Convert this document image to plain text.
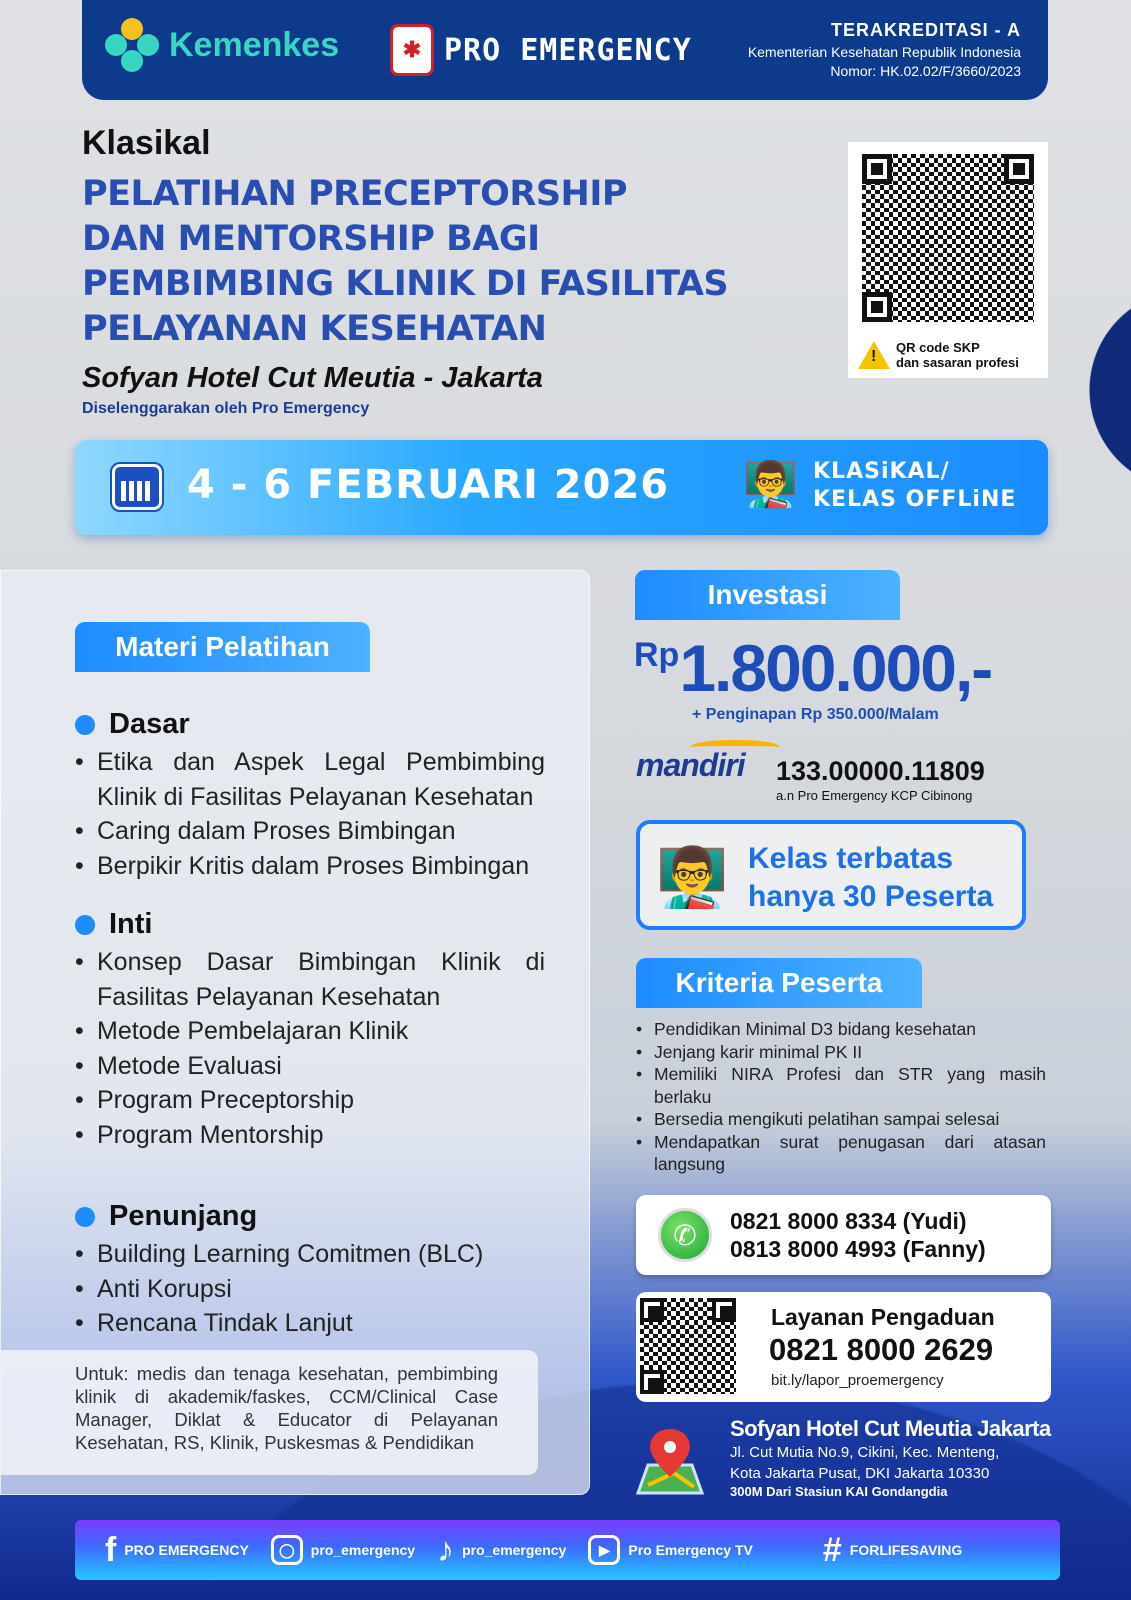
Kemenkes	✱ PRO EMERGENCY
TERAKREDITASI - A
Kementerian Kesehatan Republik Indonesia
Nomor: HK.02.02/F/3660/2023
Klasikal
PELATIHAN PRECEPTORSHIP
DAN MENTORSHIP BAGI
PEMBIMBING KLINIK DI FASILITAS
PELAYANAN KESEHATAN
Sofyan Hotel Cut Meutia - Jakarta
Diselenggarakan oleh Pro Emergency
!
QR code SKP
dan sasaran profesi
4 - 6 FEBRUARI 2026 👨‍🏫 KLASiKAL/
KELAS OFFLiNE
Materi Pelatihan
Dasar
• Etika dan Aspek Legal Pembimbing Klinik di Fasilitas Pelayanan Kesehatan
• Caring dalam Proses Bimbingan
• Berpikir Kritis dalam Proses Bimbingan
Inti
• Konsep Dasar Bimbingan Klinik di Fasilitas Pelayanan Kesehatan
• Metode Pembelajaran Klinik
• Metode Evaluasi
• Program Preceptorship
• Program Mentorship
Penunjang
• Building Learning Comitmen (BLC)
• Anti Korupsi
• Rencana Tindak Lanjut
Untuk: medis dan tenaga kesehatan, pembimbing klinik di akademik/faskes, CCM/Clinical Case Manager, Diklat & Educator di Pelayanan Kesehatan, RS, Klinik, Puskesmas & Pendidikan
Investasi
Rp 1.800.000,-
+ Penginapan Rp 350.000/Malam
mandiri 133.00000.11809
a.n Pro Emergency KCP Cibinong
👨‍🏫 Kelas terbatas
hanya 30 Peserta
Kriteria Peserta
• Pendidikan Minimal D3 bidang kesehatan
• Jenjang karir minimal PK II
• Memiliki NIRA Profesi dan STR yang masih berlaku
• Bersedia mengikuti pelatihan sampai selesai
• Mendapatkan surat penugasan dari atasan langsung
✆	0821 8000 8334 (Yudi)
0813 8000 4993 (Fanny)
Layanan Pengaduan
0821 8000 2629
bit.ly/lapor_proemergency
Sofyan Hotel Cut Meutia Jakarta
Jl. Cut Mutia No.9, Cikini, Kec. Menteng,
Kota Jakarta Pusat, DKI Jakarta 10330
300M Dari Stasiun KAI Gondangdia
f PRO EMERGENCY	◯	pro_emergency ♪ pro_emergency	▶	Pro Emergency TV # FORLIFESAVING
